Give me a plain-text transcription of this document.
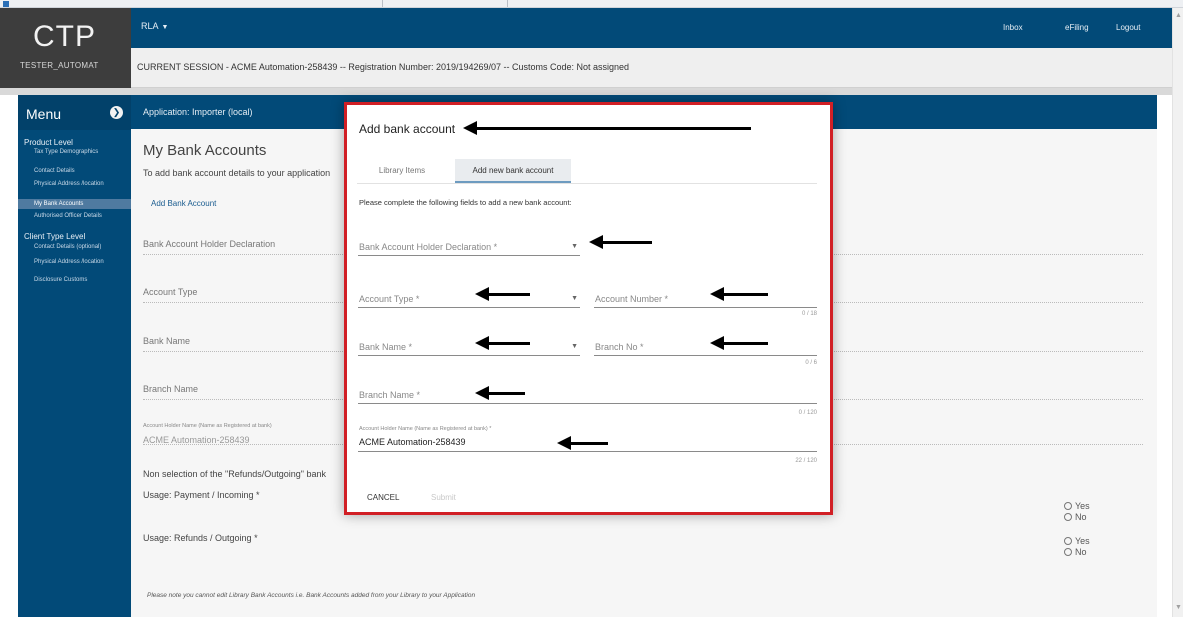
CTP
TESTER_AUTOMAT
RLA ▼	Inbox	eFiling	Logout
CURRENT SESSION - ACME Automation-258439 -- Registration Number: 2019/194269/07 -- Customs Code: Not assigned
▲
▼
Menu	❯
Product Level
Tax Type Demographics
Contact Details
Physical Address /location
My Bank Accounts
Authorised Officer Details
Client Type Level
Contact Details (optional)
Physical Address /location
Disclosure Customs
Application: Importer (local)
My Bank Accounts
To add bank account details to your application
Add Bank Account
Bank Account Holder Declaration
Account Type
Bank Name
Branch Name
Account Holder Name (Name as Registered at bank)
ACME Automation-258439
Non selection of the "Refunds/Outgoing" bank
Usage: Payment / Incoming *
Usage: Refunds / Outgoing *
Yes
No
Yes
No
Please note you cannot edit Library Bank Accounts i.e. Bank Accounts added from your Library to your Application
Add bank account
Library Items	Add new bank account
Please complete the following fields to add a new bank account:
Bank Account Holder Declaration *	▼
Account Type *	▼ Account Number *
0 / 18
Bank Name *	▼ Branch No *
0 / 6
Branch Name *
0 / 120
Account Holder Name (Name as Registered at bank) *
ACME Automation-258439
22 / 120
CANCEL	Submit
